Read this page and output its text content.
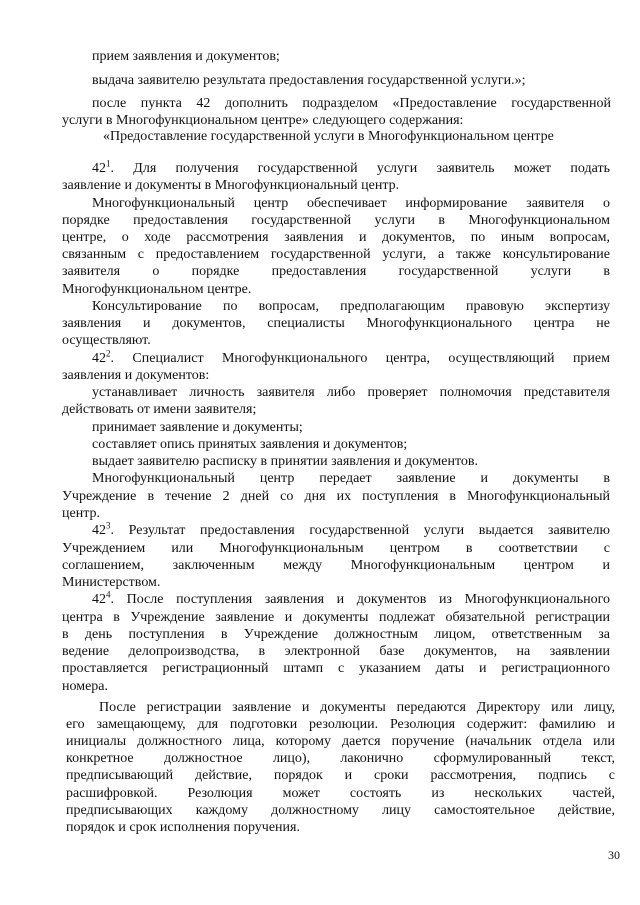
прием заявления и документов;

выдача заявителю результата предоставления государственной услуги.»;

после пункта 42 дополнить подразделом «Предоставление государственной

услуги в Многофункциональном центре» следующего содержания:

«Предоставление государственной услуги в Многофункциональном центре

$42^1$. Для получения государственной услуги заявитель может подать

заявление и документы в Многофункциональный центр.

Многофункциональный центр обеспечивает информирование заявителя о

порядке предоставления государственной услуги в Многофункциональном

центре, о ходе рассмотрения заявления и документов, по иным вопросам,

связанным с предоставлением государственной услуги, а также консультирование

заявителя о порядке предоставления государственной услуги в

Многофункциональном центре.

Консультирование по вопросам, предполагающим правовую экспертизу

заявления и документов, специалисты Многофункционального центра не

осуществляют.

$42^2$. Специалист Многофункционального центра, осуществляющий прием

заявления и документов:

устанавливает личность заявителя либо проверяет полномочия представителя

действовать от имени заявителя;

принимает заявление и документы;

составляет опись принятых заявления и документов;

выдает заявителю расписку в принятии заявления и документов.

Многофункциональный центр передает заявление и документы в

Учреждение в течение 2 дней со дня их поступления в Многофункциональный

центр.

$42^3$. Результат предоставления государственной услуги выдается заявителю

Учреждением или Многофункциональным центром в соответствии с

соглашением, заключенным между Многофункциональным центром и

Министерством.

$42^4$. После поступления заявления и документов из Многофункционального

центра в Учреждение заявление и документы подлежат обязательной регистрации

в день поступления в Учреждение должностным лицом, ответственным за

ведение делопроизводства, в электронной базе документов, на заявлении

проставляется регистрационный штамп с указанием даты и регистрационного

номера.

После регистрации заявление и документы передаются Директору или лицу,

его замещающему, для подготовки резолюции. Резолюция содержит: фамилию и

инициалы должностного лица, которому дается поручение (начальник отдела или

конкретное должностное лицо), лаконично сформулированный текст,

предписывающий действие, порядок и сроки рассмотрения, подпись с

расшифровкой. Резолюция может состоять из нескольких частей,

предписывающих каждому должностному лицу самостоятельное действие,

порядок и срок исполнения поручения.

30
